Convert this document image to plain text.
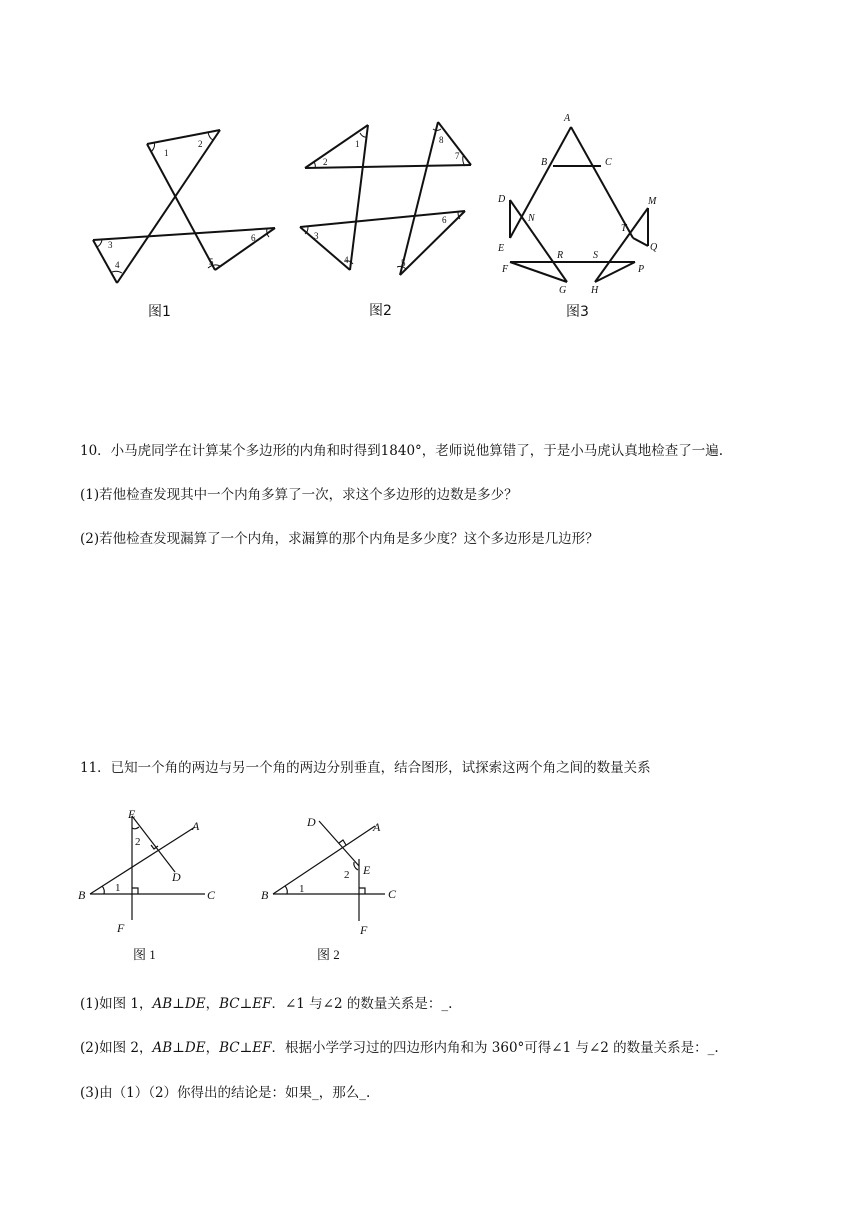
1
2
3
4	5
6
图1
1
2
3
4	5
6
7
8
图2
A
B	C
D
E
F
G H
M
N
P
Q
R	S
T
图3
10．小马虎同学在计算某个多边形的内角和时得到1840°，老师说他算错了，于是小马虎认真地检查了一遍.
(1)若他检查发现其中一个内角多算了一次，求这个多边形的边数是多少？
(2)若他检查发现漏算了一个内角，求漏算的那个内角是多少度？这个多边形是几边形？
11．已知一个角的两边与另一个角的两边分别垂直，结合图形，试探索这两个角之间的数量关系
E
A
D
B	C
F
1
2
图 1
D	A
E
B	C
F
1
2
图 2
(1)如图 1，AB⊥DE，BC⊥EF．∠1 与∠2 的数量关系是：_.
(2)如图 2，AB⊥DE，BC⊥EF．根据小学学习过的四边形内角和为 360°可得∠1 与∠2 的数量关系是：_.
(3)由（1）（2）你得出的结论是：如果_，那么_.
